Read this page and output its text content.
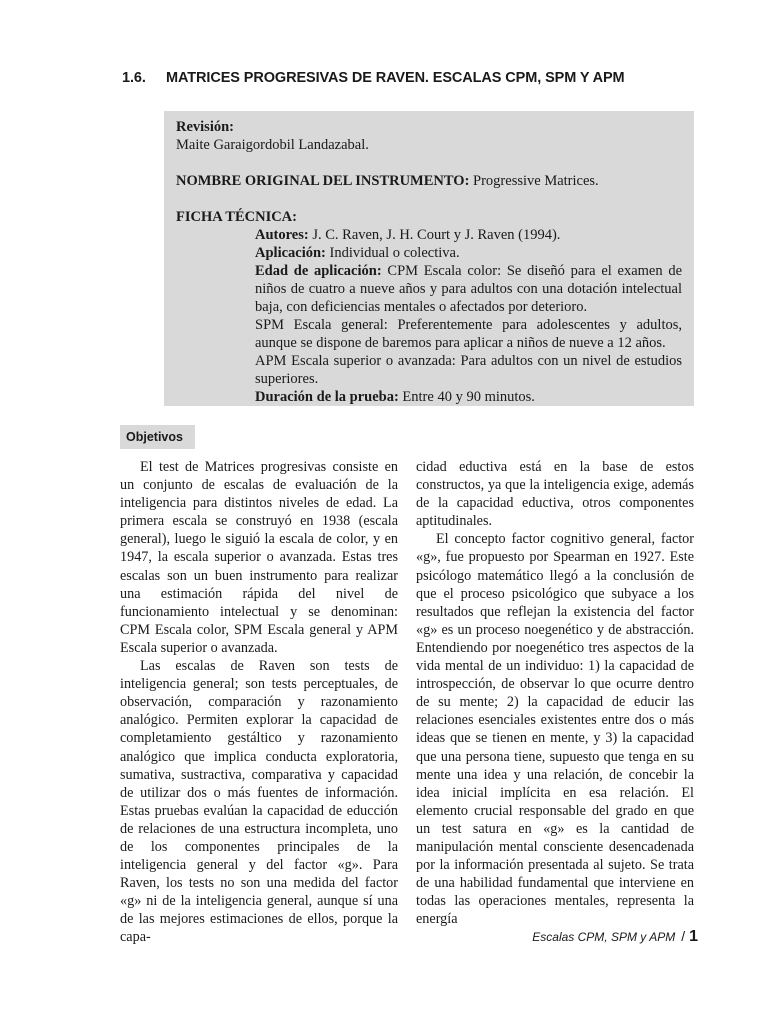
1.6. MATRICES PROGRESIVAS DE RAVEN. ESCALAS CPM, SPM Y APM

Revisión:

Maite Garaigordobil Landazabal.

NOMBRE ORIGINAL DEL INSTRUMENTO: Progressive Matrices.

FICHA TÉCNICA:

Autores: J. C. Raven, J. H. Court y J. Raven (1994).

Aplicación: Individual o colectiva.

Edad de aplicación: CPM Escala color: Se diseñó para el examen de niños de cuatro a nueve años y para adultos con una dotación intelectual baja, con deficiencias mentales o afectados por deterioro.

SPM Escala general: Preferentemente para adolescentes y adultos, aunque se dispone de baremos para aplicar a niños de nueve a 12 años.

APM Escala superior o avanzada: Para adultos con un nivel de estudios superiores.

Duración de la prueba: Entre 40 y 90 minutos.

Objetivos

El test de Matrices progresivas consiste en un conjunto de escalas de evaluación de la inteligencia para distintos niveles de edad. La primera escala se construyó en 1938 (escala general), luego le siguió la escala de color, y en 1947, la escala superior o avanzada. Estas tres escalas son un buen instrumento para realizar una estimación rápida del nivel de funcionamiento intelectual y se denominan: CPM Escala color, SPM Escala general y APM Escala superior o avanzada.

Las escalas de Raven son tests de inteligencia general; son tests perceptuales, de observación, comparación y razonamiento analógico. Permiten explorar la capacidad de completamiento gestáltico y razonamiento analógico que implica conducta exploratoria, sumativa, sustractiva, comparativa y capacidad de utilizar dos o más fuentes de información. Estas pruebas evalúan la capacidad de educción de relaciones de una estructura incompleta, uno de los componentes principales de la inteligencia general y del factor «g». Para Raven, los tests no son una medida del factor «g» ni de la inteligencia general, aunque sí una de las mejores estimaciones de ellos, porque la capa-

cidad eductiva está en la base de estos constructos, ya que la inteligencia exige, además de la capacidad eductiva, otros componentes aptitudinales.

El concepto factor cognitivo general, factor «g», fue propuesto por Spearman en 1927. Este psicólogo matemático llegó a la conclusión de que el proceso psicológico que subyace a los resultados que reflejan la existencia del factor «g» es un proceso noegenético y de abstracción. Entendiendo por noegenético tres aspectos de la vida mental de un individuo: 1) la capacidad de introspección, de observar lo que ocurre dentro de su mente; 2) la capacidad de educir las relaciones esenciales existentes entre dos o más ideas que se tienen en mente, y 3) la capacidad que una persona tiene, supuesto que tenga en su mente una idea y una relación, de concebir la idea inicial implícita en esa relación. El elemento crucial responsable del grado en que un test satura en «g» es la cantidad de manipulación mental consciente desencadenada por la información presentada al sujeto. Se trata de una habilidad fundamental que interviene en todas las operaciones mentales, representa la energía

Escalas CPM, SPM y APM / 1
